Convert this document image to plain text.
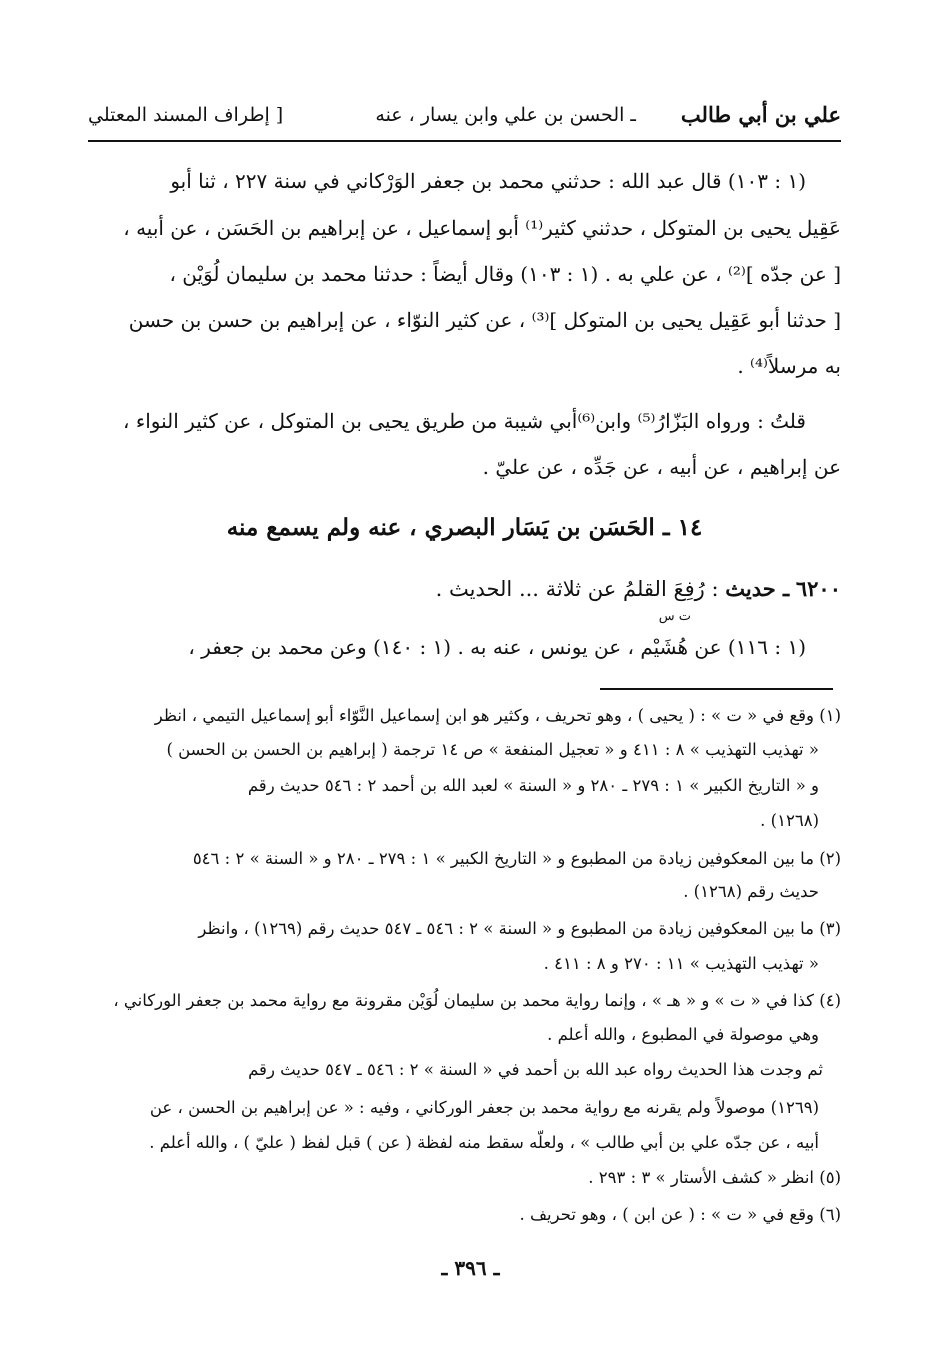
علي بن أبي طالب
ـ الحسن بن علي وابن يسار ، عنه
[ إطراف المسند المعتلي
(١ : ١٠٣) قال عبد الله : حدثني محمد بن جعفر الوَرْكاني في سنة ٢٢٧ ، ثنا أبو
عَقِيل يحيى بن المتوكل ، حدثني كثير⁽¹⁾ أبو إسماعيل ، عن إبراهيم بن الحَسَن ، عن أبيه ،
[ عن جدّه ]⁽²⁾ ، عن علي به . (١ : ١٠٣) وقال أيضاً : حدثنا محمد بن سليمان لُوَيْن ،
[ حدثنا أبو عَقِيل يحيى بن المتوكل ]⁽³⁾ ، عن كثير النوّاء ، عن إبراهيم بن حسن بن حسن
به مرسلاً⁽⁴⁾ .
قلتُ : ورواه البَزّارُ⁽⁵⁾ وابن⁽⁶⁾أبي شيبة من طريق يحيى بن المتوكل ، عن كثير النواء ،
عن إبراهيم ، عن أبيه ، عن جَدِّه ، عن عليّ .
١٤ ـ الحَسَن بن يَسَار البصري ، عنه ولم يسمع منه
٦٢٠٠ ـ حديث : رُفِعَ القلمُ عن ثلاثة ... الحديث .
ت س
(١ : ١١٦) عن هُشَيْم ، عن يونس ، عنه به . (١ : ١٤٠) وعن محمد بن جعفر ،
(١) وقع في « ت » : ( يحيى ) ، وهو تحريف ، وكثير هو ابن إسماعيل النَّوّاء أبو إسماعيل التيمي ، انظر
« تهذيب التهذيب » ٨ : ٤١١ و « تعجيل المنفعة » ص ١٤ ترجمة ( إبراهيم بن الحسن بن الحسن )
و « التاريخ الكبير » ١ : ٢٧٩ ـ ٢٨٠ و « السنة » لعبد الله بن أحمد ٢ : ٥٤٦ حديث رقم
(١٢٦٨) .
(٢) ما بين المعكوفين زيادة من المطبوع و « التاريخ الكبير » ١ : ٢٧٩ ـ ٢٨٠ و « السنة » ٢ : ٥٤٦
حديث رقم (١٢٦٨) .
(٣) ما بين المعكوفين زيادة من المطبوع و « السنة » ٢ : ٥٤٦ ـ ٥٤٧ حديث رقم (١٢٦٩) ، وانظر
« تهذيب التهذيب » ١١ : ٢٧٠ و ٨ : ٤١١ .
(٤) كذا في « ت » و « هـ » ، وإنما رواية محمد بن سليمان لُوَيْن مقرونة مع رواية محمد بن جعفر الوركاني ،
وهي موصولة في المطبوع ، والله أعلم .
ثم وجدت هذا الحديث رواه عبد الله بن أحمد في « السنة » ٢ : ٥٤٦ ـ ٥٤٧ حديث رقم
(١٢٦٩) موصولاً ولم يقرنه مع رواية محمد بن جعفر الوركاني ، وفيه : « عن إبراهيم بن الحسن ، عن
أبيه ، عن جدّه علي بن أبي طالب » ، ولعلّه سقط منه لفظة ( عن ) قبل لفظ ( عليّ ) ، والله أعلم .
(٥) انظر « كشف الأستار » ٣ : ٢٩٣ .
(٦) وقع في « ت » : ( عن ابن ) ، وهو تحريف .
ـ ٣٩٦ ـ
